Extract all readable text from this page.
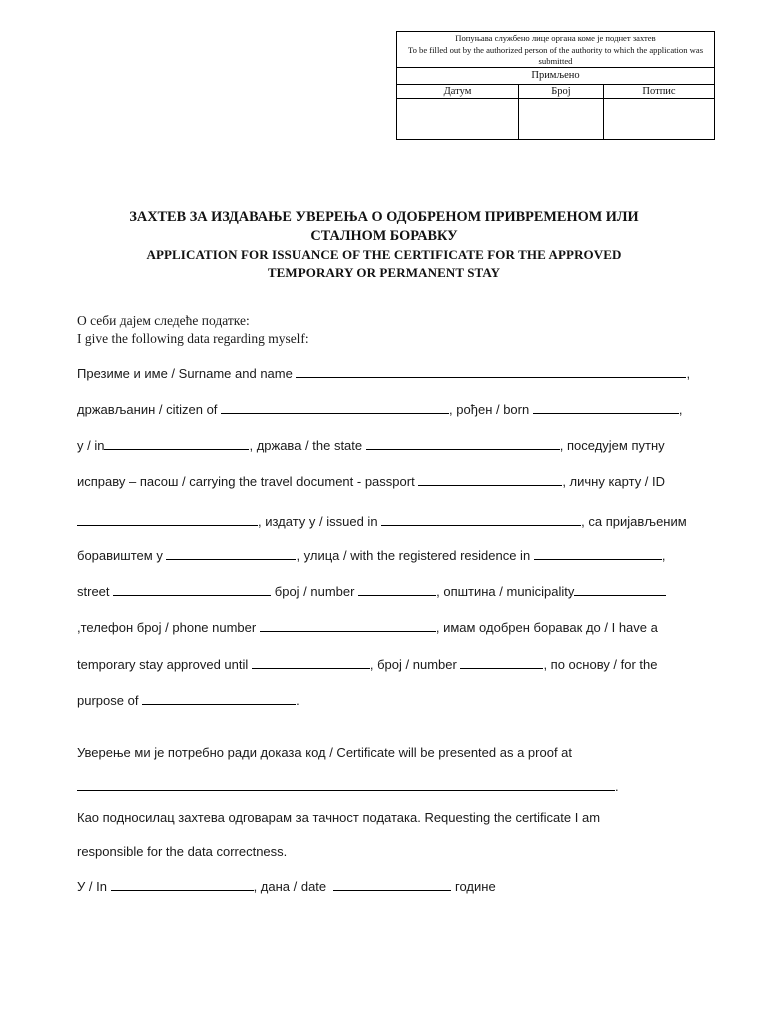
Попуњава службено лице органа коме је поднет захтев
To be filled out by the authorized person of the authority to which the application was submitted
Примљено
Датум	Број	Потпис
ЗАХТЕВ ЗА ИЗДАВАЊЕ УВЕРЕЊА О ОДОБРЕНОМ ПРИВРЕМЕНОМ ИЛИ
СТАЛНОМ БОРАВКУ
APPLICATION FOR ISSUANCE OF THE CERTIFICATE FOR THE APPROVED
TEMPORARY OR PERMANENT STAY
О себи дајем следеће податке:
I give the following data regarding myself:
Презиме и име / Surname and name	,
држављанин / citizen of	, рођен / born	,
у / in	, држава / the state	, поседујем путну
исправу – пасош / carrying the travel document - passport	, личну карту / ID
, издату у / issued in	, са пријављеним
боравиштем у	, улица / with the registered residence in	,
street	број / number	, општина / municipality
,телефон број / phone number	, имам одобрен боравак до / I have a
temporary stay approved until	, број / number	, по основу / for the
purpose of	.
Уверење ми је потребно ради доказа код / Certificate will be presented as a proof at
.
Као подносилац захтева одговарам за тачност података. Requesting the certificate I am
responsible for the data correctness.
У / In	, дана / date	године
